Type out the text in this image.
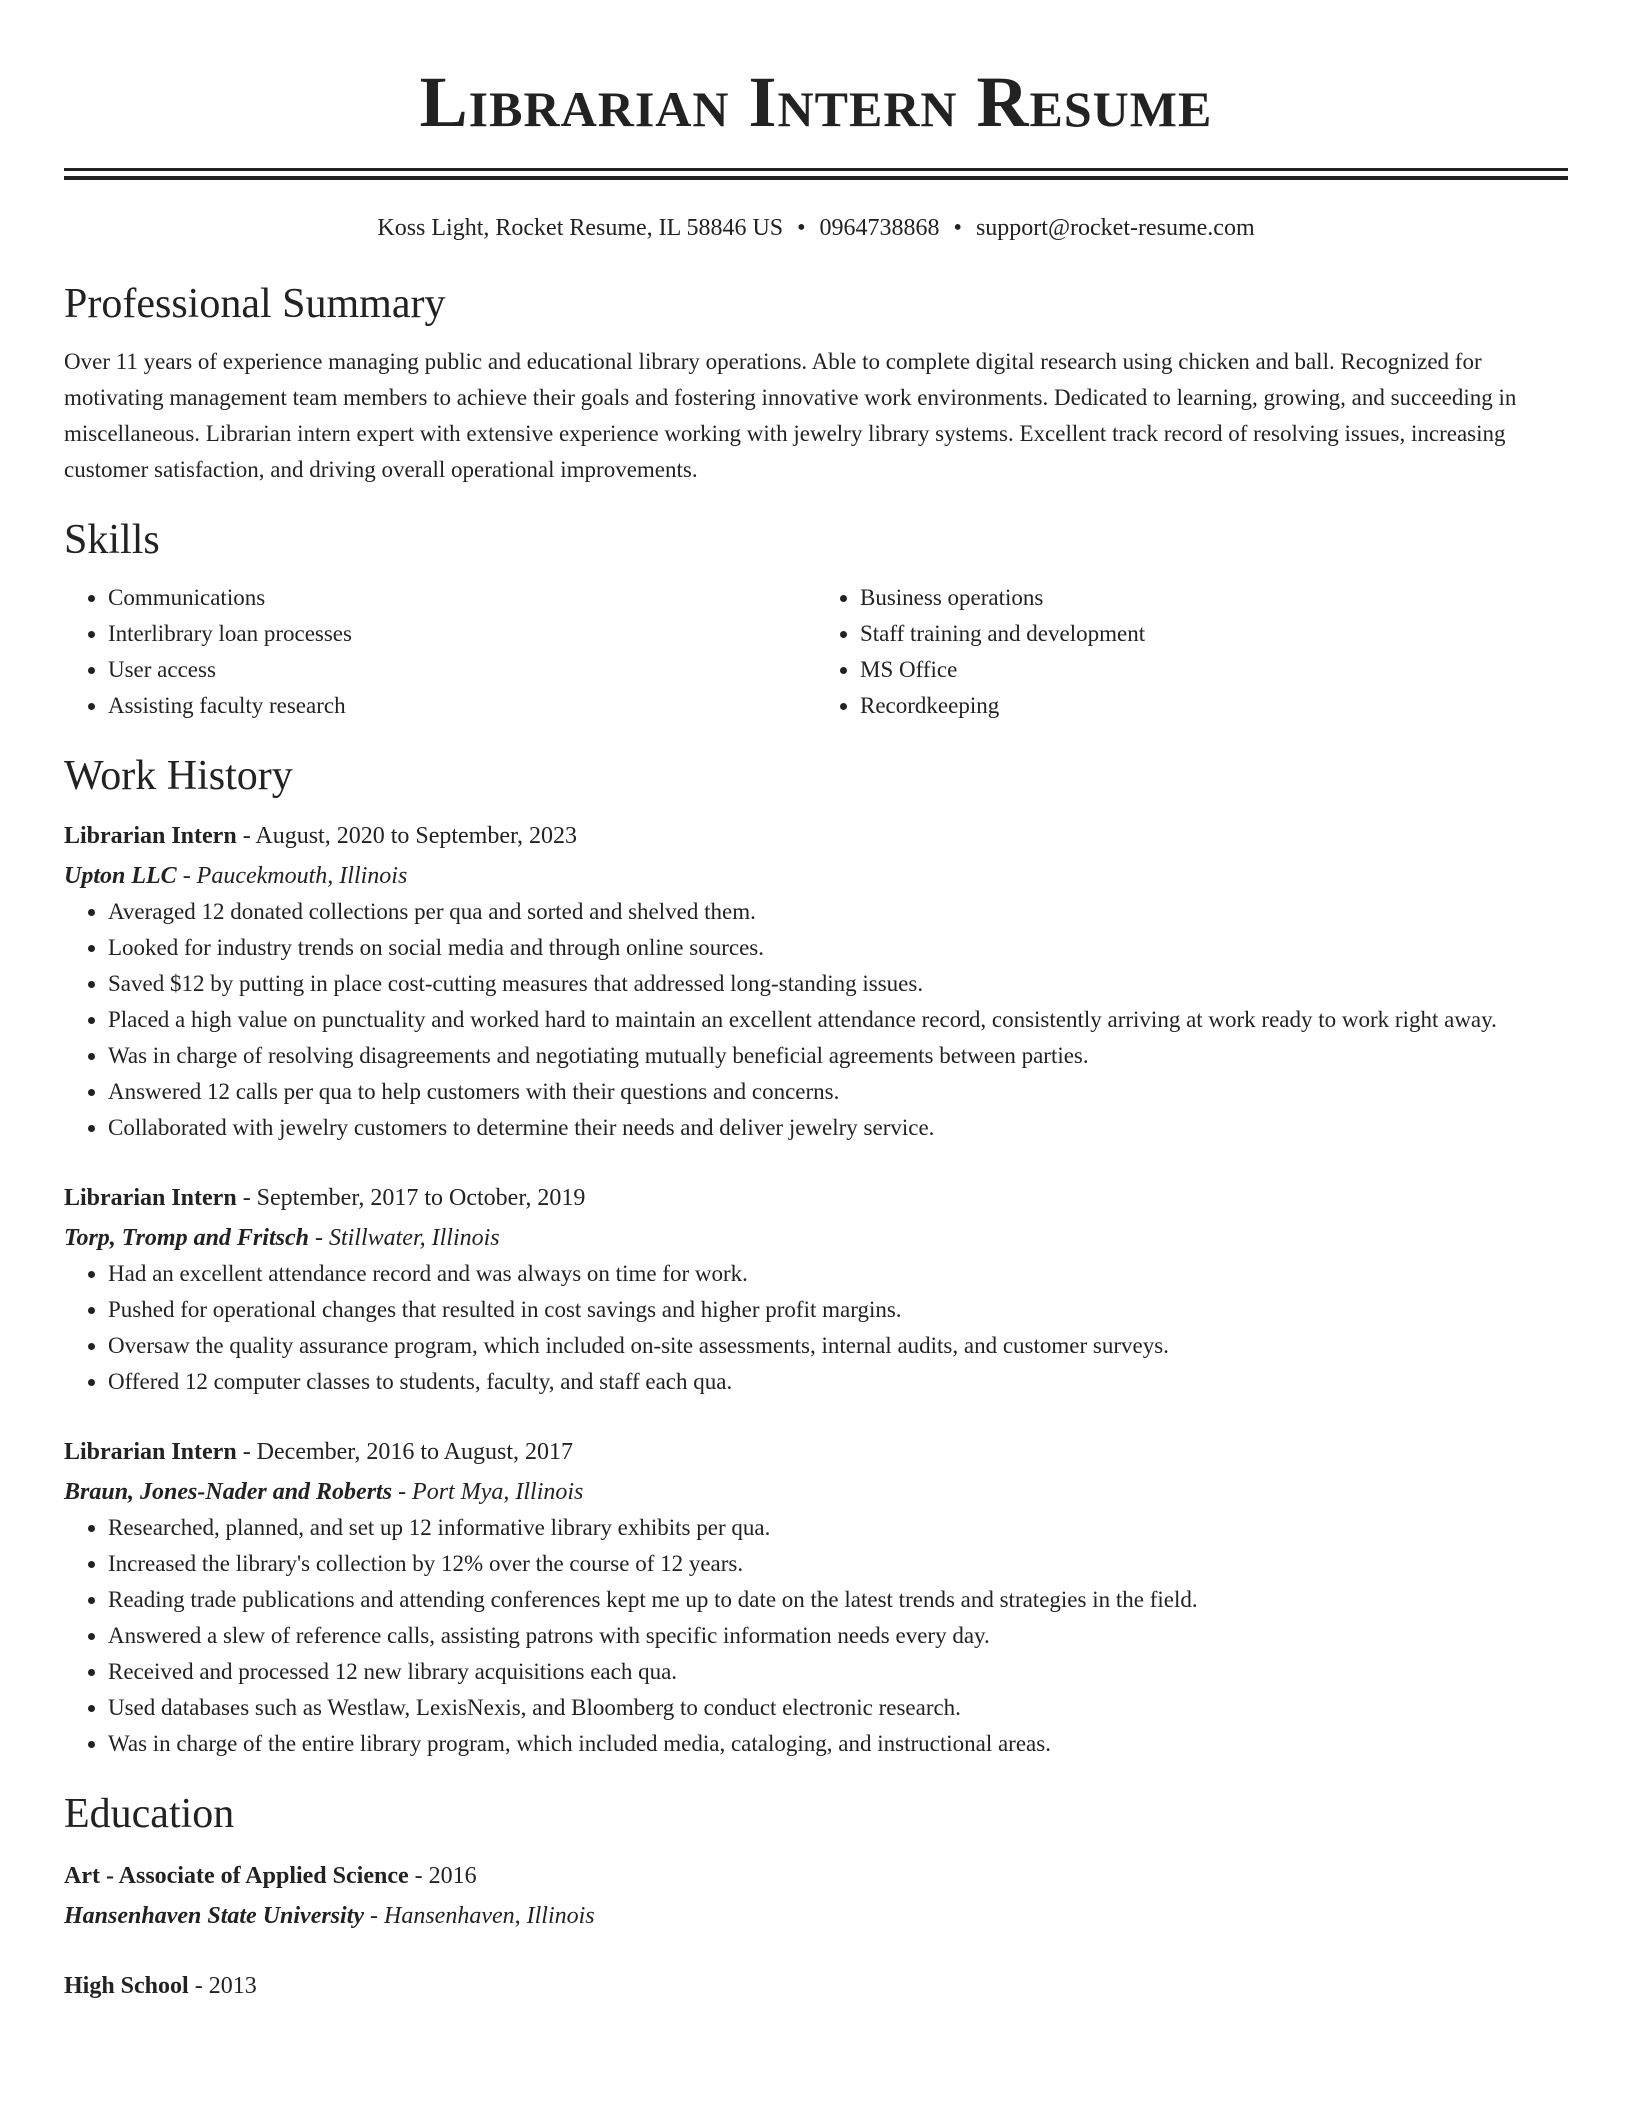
Librarian Intern Resume
Koss Light, Rocket Resume, IL 58846 US • 0964738868 • support@rocket-resume.com
Professional Summary

Over 11 years of experience managing public and educational library operations. Able to complete digital research using chicken and ball. Recognized for motivating management team members to achieve their goals and fostering innovative work environments. Dedicated to learning, growing, and succeeding in miscellaneous. Librarian intern expert with extensive experience working with jewelry library systems. Excellent track record of resolving issues, increasing customer satisfaction, and driving overall operational improvements.

Skills
• Communications
• Interlibrary loan processes
• User access
• Assisting faculty research
• Business operations
• Staff training and development
• MS Office
• Recordkeeping
Work History
Librarian Intern - August, 2020 to September, 2023
Upton LLC - Paucekmouth, Illinois
• Averaged 12 donated collections per qua and sorted and shelved them.
• Looked for industry trends on social media and through online sources.
• Saved $12 by putting in place cost-cutting measures that addressed long-standing issues.
• Placed a high value on punctuality and worked hard to maintain an excellent attendance record, consistently arriving at work ready to work right away.
• Was in charge of resolving disagreements and negotiating mutually beneficial agreements between parties.
• Answered 12 calls per qua to help customers with their questions and concerns.
• Collaborated with jewelry customers to determine their needs and deliver jewelry service.
Librarian Intern - September, 2017 to October, 2019
Torp, Tromp and Fritsch - Stillwater, Illinois
• Had an excellent attendance record and was always on time for work.
• Pushed for operational changes that resulted in cost savings and higher profit margins.
• Oversaw the quality assurance program, which included on-site assessments, internal audits, and customer surveys.
• Offered 12 computer classes to students, faculty, and staff each qua.
Librarian Intern - December, 2016 to August, 2017
Braun, Jones-Nader and Roberts - Port Mya, Illinois
• Researched, planned, and set up 12 informative library exhibits per qua.
• Increased the library's collection by 12% over the course of 12 years.
• Reading trade publications and attending conferences kept me up to date on the latest trends and strategies in the field.
• Answered a slew of reference calls, assisting patrons with specific information needs every day.
• Received and processed 12 new library acquisitions each qua.
• Used databases such as Westlaw, LexisNexis, and Bloomberg to conduct electronic research.
• Was in charge of the entire library program, which included media, cataloging, and instructional areas.
Education
Art - Associate of Applied Science - 2016
Hansenhaven State University - Hansenhaven, Illinois
High School - 2013
